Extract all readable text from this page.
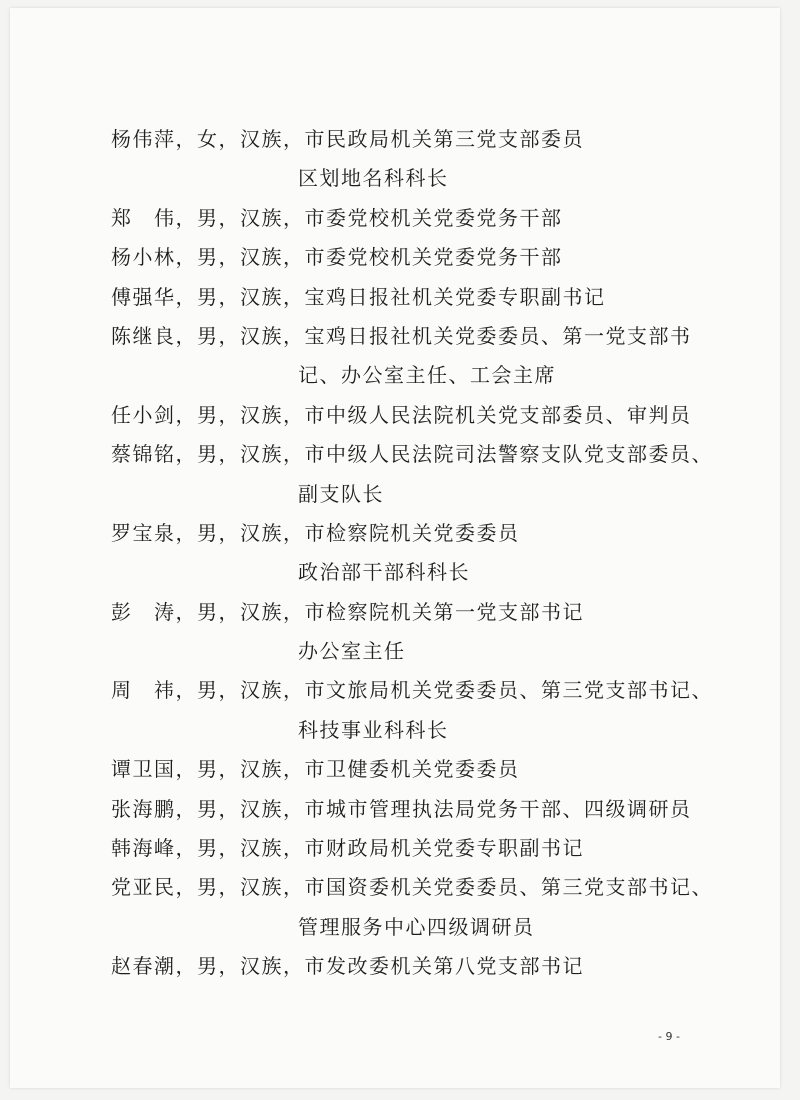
杨伟萍，女，汉族，市民政局机关第三党支部委员
区划地名科科长
郑　伟，男，汉族，市委党校机关党委党务干部
杨小林，男，汉族，市委党校机关党委党务干部
傅强华，男，汉族，宝鸡日报社机关党委专职副书记
陈继良，男，汉族，宝鸡日报社机关党委委员、第一党支部书
记、办公室主任、工会主席
任小剑，男，汉族，市中级人民法院机关党支部委员、审判员
蔡锦铭，男，汉族，市中级人民法院司法警察支队党支部委员、
副支队长
罗宝泉，男，汉族，市检察院机关党委委员
政治部干部科科长
彭　涛，男，汉族，市检察院机关第一党支部书记
办公室主任
周　祎，男，汉族，市文旅局机关党委委员、第三党支部书记、
科技事业科科长
谭卫国，男，汉族，市卫健委机关党委委员
张海鹏，男，汉族，市城市管理执法局党务干部、四级调研员
韩海峰，男，汉族，市财政局机关党委专职副书记
党亚民，男，汉族，市国资委机关党委委员、第三党支部书记、
管理服务中心四级调研员
赵春潮，男，汉族，市发改委机关第八党支部书记
- 9 -
